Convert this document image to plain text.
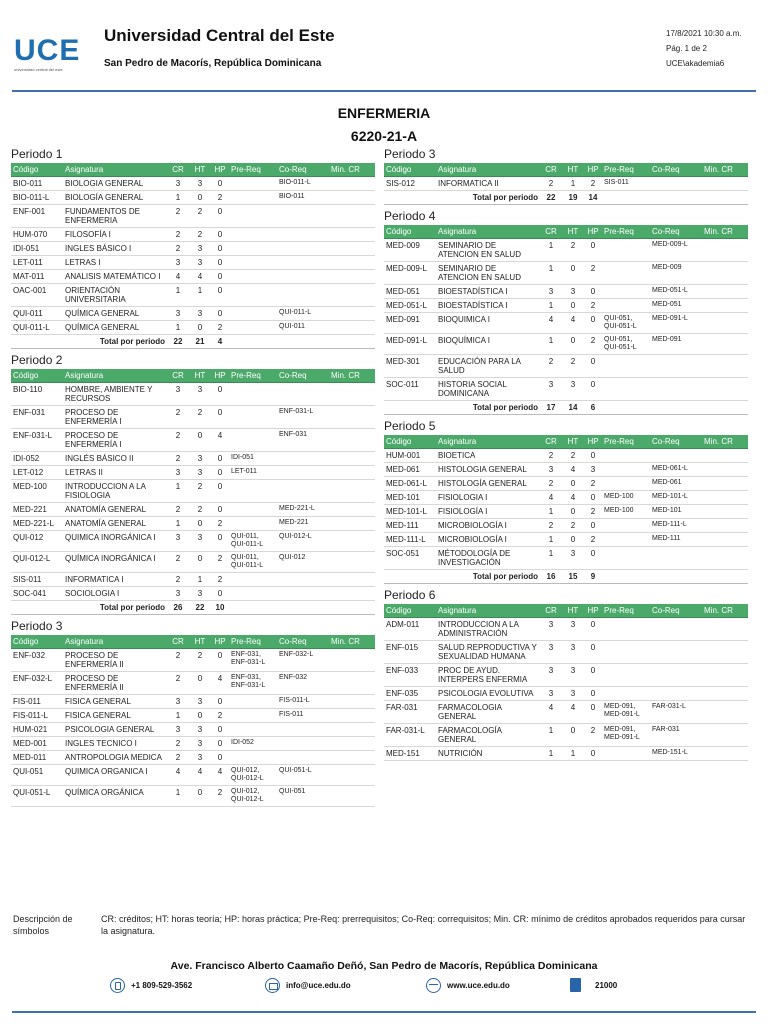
UCE
universidad central del este
Universidad Central del Este
San Pedro de Macorís, República Dominicana
17/8/2021 10:30 a.m.
Pág. 1 de 2
UCE\akademia6
ENFERMERIA
6220-21-A
Periodo 1
Código	Asignatura	CR	HT	HP	Pre-Req	Co-Req	Min. CR
BIO-011	BIOLOGIA GENERAL	3	3	0		BIO-011-L	
BIO-011-L	BIOLOGÍA GENERAL	1	0	2		BIO-011	
ENF-001	FUNDAMENTOS DE ENFERMERIA	2	2	0			
HUM-070	FILOSOFÍA I	2	2	0			
IDI-051	INGLES BÁSICO I	2	3	0			
LET-011	LETRAS I	3	3	0			
MAT-011	ANALISIS MATEMÁTICO I	4	4	0			
OAC-001	ORIENTACIÓN UNIVERSITARIA	1	1	0			
QUI-011	QUÍMICA GENERAL	3	3	0		QUI-011-L	
QUI-011-L	QUÍMICA GENERAL	1	0	2		QUI-011	
	Total por periodo	22	21	4			
Periodo 2
Código	Asignatura	CR	HT	HP	Pre-Req	Co-Req	Min. CR
BIO-110	HOMBRE, AMBIENTE Y RECURSOS	3	3	0			
ENF-031	PROCESO DE ENFERMERÍA I	2	2	0		ENF-031-L	
ENF-031-L	PROCESO DE ENFERMERÍA I	2	0	4		ENF-031	
IDI-052	INGLÉS BÁSICO II	2	3	0	IDI-051		
LET-012	LETRAS II	3	3	0	LET-011		
MED-100	INTRODUCCION A LA FISIOLOGIA	1	2	0			
MED-221	ANATOMÍA GENERAL	2	2	0		MED-221-L	
MED-221-L	ANATOMÍA GENERAL	1	0	2		MED-221	
QUI-012	QUIMICA INORGÁNICA I	3	3	0	QUI-011, QUI-011-L	QUI-012-L	
QUI-012-L	QUÍMICA INORGÁNICA I	2	0	2	QUI-011, QUI-011-L	QUI-012	
SIS-011	INFORMATICA I	2	1	2			
SOC-041	SOCIOLOGIA I	3	3	0			
	Total por periodo	26	22	10			
Periodo 3
Código	Asignatura	CR	HT	HP	Pre-Req	Co-Req	Min. CR
ENF-032	PROCESO DE ENFERMERÍA II	2	2	0	ENF-031, ENF-031-L	ENF-032-L	
ENF-032-L	PROCESO DE ENFERMERÍA II	2	0	4	ENF-031, ENF-031-L	ENF-032	
FIS-011	FISICA GENERAL	3	3	0		FIS-011-L	
FIS-011-L	FISICA GENERAL	1	0	2		FIS-011	
HUM-021	PSICOLOGIA GENERAL	3	3	0			
MED-001	INGLES TECNICO I	2	3	0	IDI-052		
MED-011	ANTROPOLOGIA MEDICA	2	3	0			
QUI-051	QUIMICA ORGANICA I	4	4	4	QUI-012, QUI-012-L	QUI-051-L	
QUI-051-L	QUÍMICA ORGÁNICA	1	0	2	QUI-012, QUI-012-L	QUI-051	
Periodo 3
Código	Asignatura	CR	HT	HP	Pre-Req	Co-Req	Min. CR
SIS-012	INFORMATICA II	2	1	2	SIS-011		
	Total por periodo	22	19	14			
Periodo 4
Código	Asignatura	CR	HT	HP	Pre-Req	Co-Req	Min. CR
MED-009	SEMINARIO DE ATENCION EN SALUD	1	2	0		MED-009-L	
MED-009-L	SEMINARIO DE ATENCION EN SALUD	1	0	2		MED-009	
MED-051	BIOESTADÍSTICA I	3	3	0		MED-051-L	
MED-051-L	BIOESTADÍSTICA I	1	0	2		MED-051	
MED-091	BIOQUIMICA I	4	4	0	QUI-051, QUI-051-L	MED-091-L	
MED-091-L	BIOQUÍMICA I	1	0	2	QUI-051, QUI-051-L	MED-091	
MED-301	EDUCACIÓN PARA LA SALUD	2	2	0			
SOC-011	HISTORIA SOCIAL DOMINICANA	3	3	0			
	Total por periodo	17	14	6			
Periodo 5
Código	Asignatura	CR	HT	HP	Pre-Req	Co-Req	Min. CR
HUM-001	BIOETICA	2	2	0			
MED-061	HISTOLOGIA GENERAL	3	4	3		MED-061-L	
MED-061-L	HISTOLOGÍA GENERAL	2	0	2		MED-061	
MED-101	FISIOLOGIA I	4	4	0	MED-100	MED-101-L	
MED-101-L	FISIOLOGÍA I	1	0	2	MED-100	MED-101	
MED-111	MICROBIOLOGÍA I	2	2	0		MED-111-L	
MED-111-L	MICROBIOLOGÍA I	1	0	2		MED-111	
SOC-051	MÉTODOLOGÍA DE INVESTIGACIÓN	1	3	0			
	Total por periodo	16	15	9			
Periodo 6
Código	Asignatura	CR	HT	HP	Pre-Req	Co-Req	Min. CR
ADM-011	INTRODUCCION A LA ADMINISTRACIÓN	3	3	0			
ENF-015	SALUD REPRODUCTIVA Y SEXUALIDAD HUMANA	3	3	0			
ENF-033	PROC DE AYUD. INTERPERS ENFERMIA	3	3	0			
ENF-035	PSICOLOGIA EVOLUTIVA	3	3	0			
FAR-031	FARMACOLOGIA GENERAL	4	4	0	MED-091, MED-091-L	FAR-031-L	
FAR-031-L	FARMACOLOGÍA GENERAL	1	0	2	MED-091, MED-091-L	FAR-031	
MED-151	NUTRICIÓN	1	1	0		MED-151-L	
Descripción de símbolos
CR: créditos; HT: horas teoría; HP: horas práctica; Pre-Req: prerrequisitos; Co-Req: correquisitos; Min. CR: mínimo de créditos aprobados requeridos para cursar la asignatura.
Ave. Francisco Alberto Caamaño Deñó, San Pedro de Macorís, República Dominicana
+1 809-529-3562	info@uce.edu.do	www.uce.edu.do	21000
